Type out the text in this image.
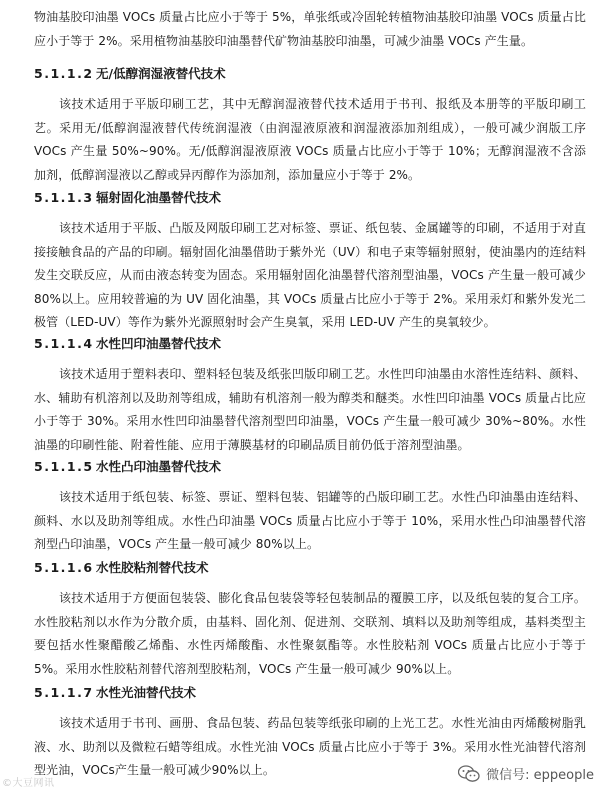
物油基胶印油墨 VOCs 质量占比应小于等于 5%，单张纸或冷固轮转植物油基胶印油墨 VOCs 质量占比应小于等于 2%。采用植物油基胶印油墨替代矿物油基胶印油墨，可减少油墨 VOCs 产生量。

5.1.1.2 无/低醇润湿液替代技术

该技术适用于平版印刷工艺，其中无醇润湿液替代技术适用于书刊、报纸及本册等的平版印刷工艺。采用无/低醇润湿液替代传统润湿液（由润湿液原液和润湿液添加剂组成），一般可减少润版工序 VOCs 产生量 50%~90%。无/低醇润湿液原液 VOCs 质量占比应小于等于 10%；无醇润湿液不含添加剂，低醇润湿液以乙醇或异丙醇作为添加剂，添加量应小于等于 2%。

5.1.1.3 辐射固化油墨替代技术

该技术适用于平版、凸版及网版印刷工艺对标签、票证、纸包装、金属罐等的印刷，不适用于对直接接触食品的产品的印刷。辐射固化油墨借助于紫外光（UV）和电子束等辐射照射，使油墨内的连结料发生交联反应，从而由液态转变为固态。采用辐射固化油墨替代溶剂型油墨，VOCs 产生量一般可减少 80%以上。应用较普遍的为 UV 固化油墨，其 VOCs 质量占比应小于等于 2%。采用汞灯和紫外发光二极管（LED-UV）等作为紫外光源照射时会产生臭氧，采用 LED-UV 产生的臭氧较少。

5.1.1.4 水性凹印油墨替代技术

该技术适用于塑料表印、塑料轻包装及纸张凹版印刷工艺。水性凹印油墨由水溶性连结料、颜料、水、辅助有机溶剂以及助剂等组成，辅助有机溶剂一般为醇类和醚类。水性凹印油墨 VOCs 质量占比应小于等于 30%。采用水性凹印油墨替代溶剂型凹印油墨，VOCs 产生量一般可减少 30%~80%。水性油墨的印刷性能、附着性能、应用于薄膜基材的印刷品质目前仍低于溶剂型油墨。

5.1.1.5 水性凸印油墨替代技术

该技术适用于纸包装、标签、票证、塑料包装、铝罐等的凸版印刷工艺。水性凸印油墨由连结料、颜料、水以及助剂等组成。水性凸印油墨 VOCs 质量占比应小于等于 10%，采用水性凸印油墨替代溶剂型凸印油墨，VOCs 产生量一般可减少 80%以上。

5.1.1.6 水性胶粘剂替代技术

该技术适用于方便面包装袋、膨化食品包装袋等轻包装制品的覆膜工序，以及纸包装的复合工序。水性胶粘剂以水作为分散介质，由基料、固化剂、促进剂、交联剂、填料以及助剂等组成，基料类型主要包括水性聚醋酸乙烯酯、水性丙烯酸酯、水性聚氨酯等。水性胶粘剂 VOCs 质量占比应小于等于 5%。采用水性胶粘剂替代溶剂型胶粘剂，VOCs 产生量一般可减少 90%以上。

5.1.1.7 水性光油替代技术

该技术适用于书刊、画册、食品包装、药品包装等纸张印刷的上光工艺。水性光油由丙烯酸树脂乳液、水、助剂以及微粒石蜡等组成。水性光油 VOCs 质量占比应小于等于 3%。采用水性光油替代溶剂型光油，VOCs产生量一般可减少90%以上。

©大豆网讯
微信号: eppeople
